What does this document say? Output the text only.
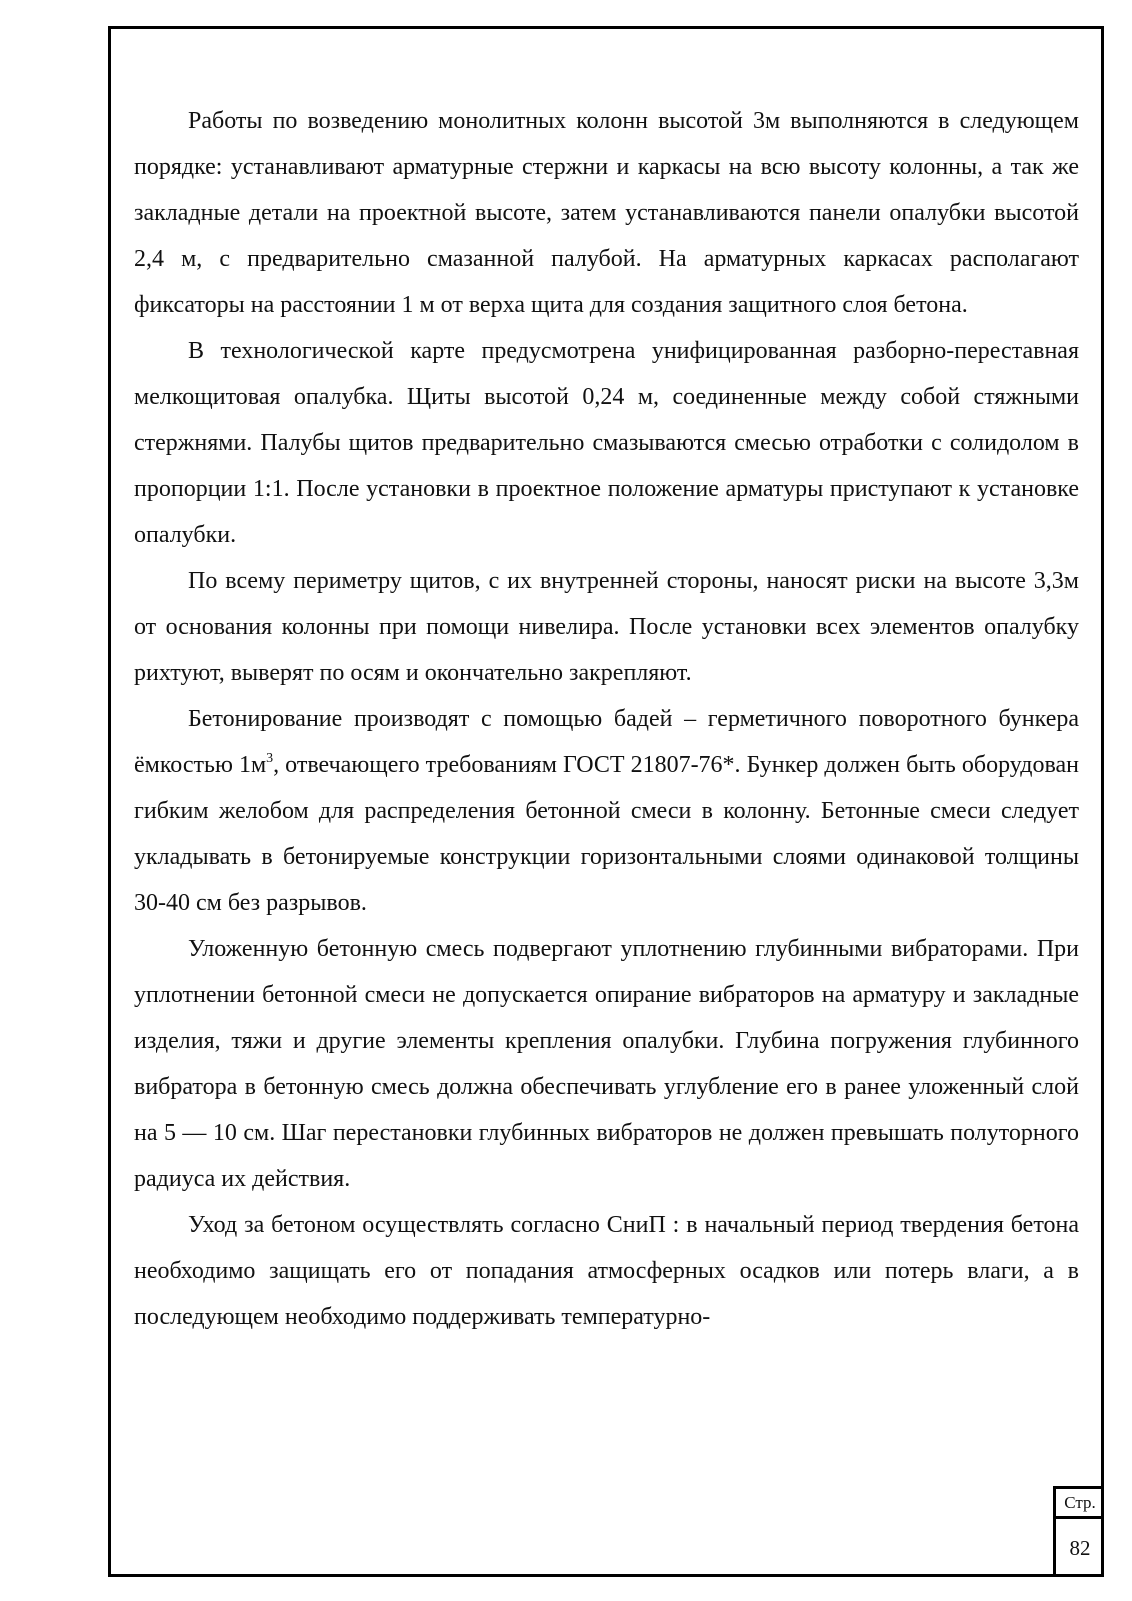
Работы по возведению монолитных колонн высотой 3м выполняются в следующем порядке: устанавливают арматурные стержни и каркасы на всю высоту колонны, а так же закладные детали на проектной высоте, затем устанавливаются панели опалубки высотой 2,4 м, с предварительно смазанной палубой. На арматурных каркасах располагают фиксаторы на расстоянии 1 м от верха щита для создания защитного слоя бетона.

В технологической карте предусмотрена унифицированная разборно-переставная мелкощитовая опалубка. Щиты высотой 0,24 м, соединенные между собой стяжными стержнями. Палубы щитов предварительно смазываются смесью отработки с солидолом в пропорции 1:1. После установки в проектное положение арматуры приступают к установке опалубки.

По всему периметру щитов, с их внутренней стороны, наносят риски на высоте 3,3м от основания колонны при помощи нивелира. После установки всех элементов опалубку рихтуют, выверят по осям и окончательно закрепляют.

Бетонирование производят с помощью бадей – герметичного поворотного бункера ёмкостью $1м^3$, отвечающего требованиям ГОСТ 21807-76*. Бункер должен быть оборудован гибким желобом для распределения бетонной смеси в колонну. Бетонные смеси следует укладывать в бетонируемые конструкции горизонтальными слоями одинаковой толщины 30-40 см без разрывов.

Уложенную бетонную смесь подвергают уплотнению глубинными вибраторами. При уплотнении бетонной смеси не допускается опирание вибраторов на арматуру и закладные изделия, тяжи и другие элементы крепления опалубки. Глубина погружения глубинного вибратора в бетонную смесь должна обеспечивать углубление его в ранее уложенный слой на 5 — 10 см. Шаг перестановки глубинных вибраторов не должен превышать полуторного радиуса их действия.

Уход за бетоном осуществлять согласно СниП : в начальный период твердения бетона необходимо защищать его от попадания атмосферных осадков или потерь влаги, а в последующем необходимо поддерживать температурно-

Стр.
82
